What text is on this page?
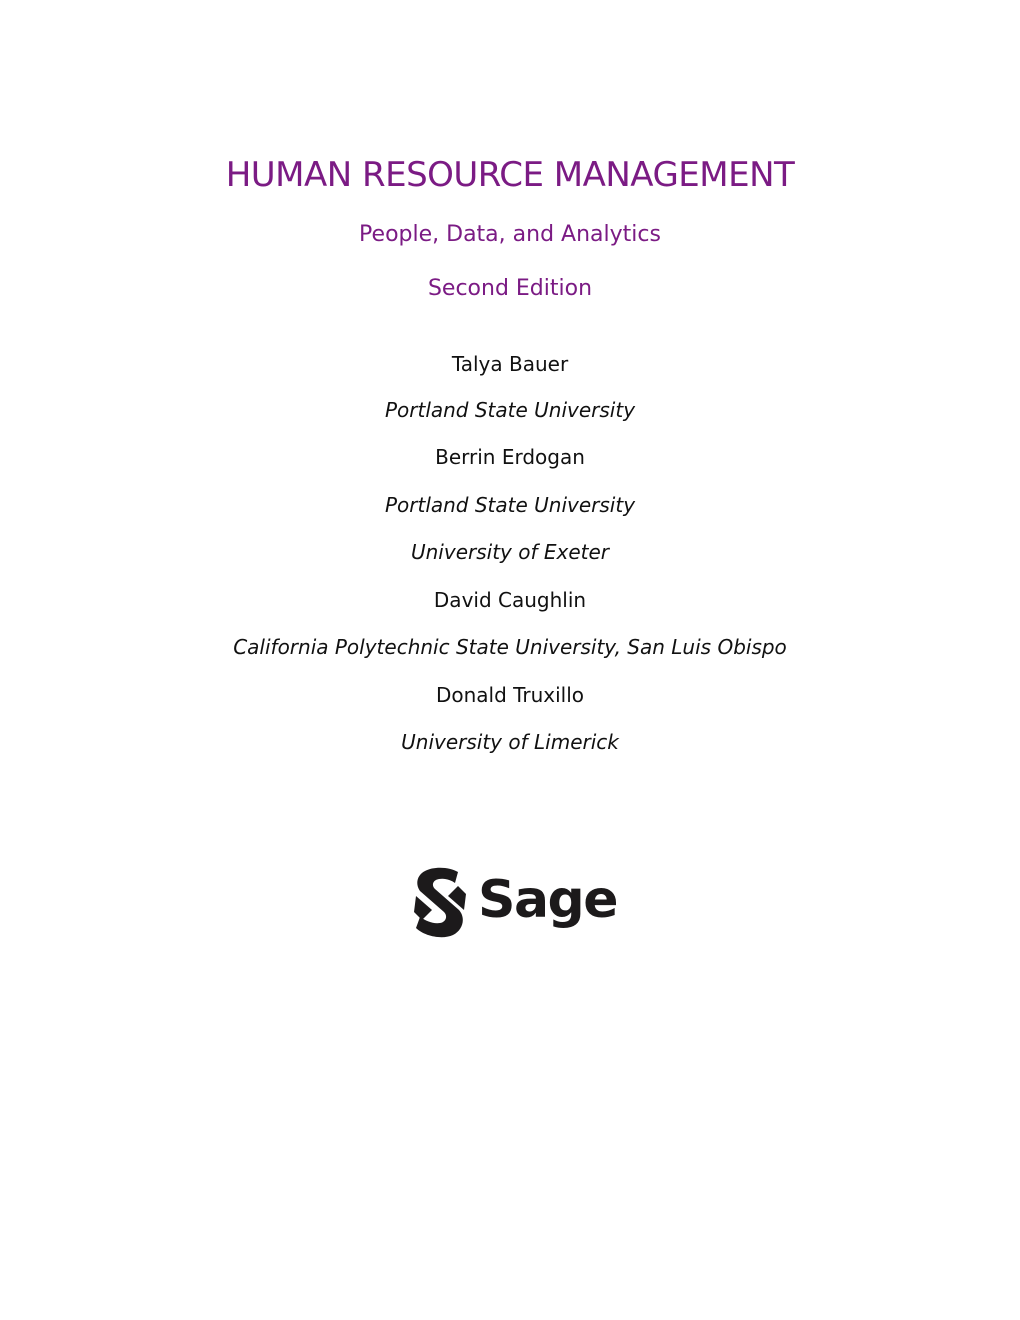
HUMAN RESOURCE MANAGEMENT
People, Data, and Analytics
Second Edition
Talya Bauer
Portland State University
Berrin Erdogan
Portland State University
University of Exeter
David Caughlin
California Polytechnic State University, San Luis Obispo
Donald Truxillo
University of Limerick
Sage
